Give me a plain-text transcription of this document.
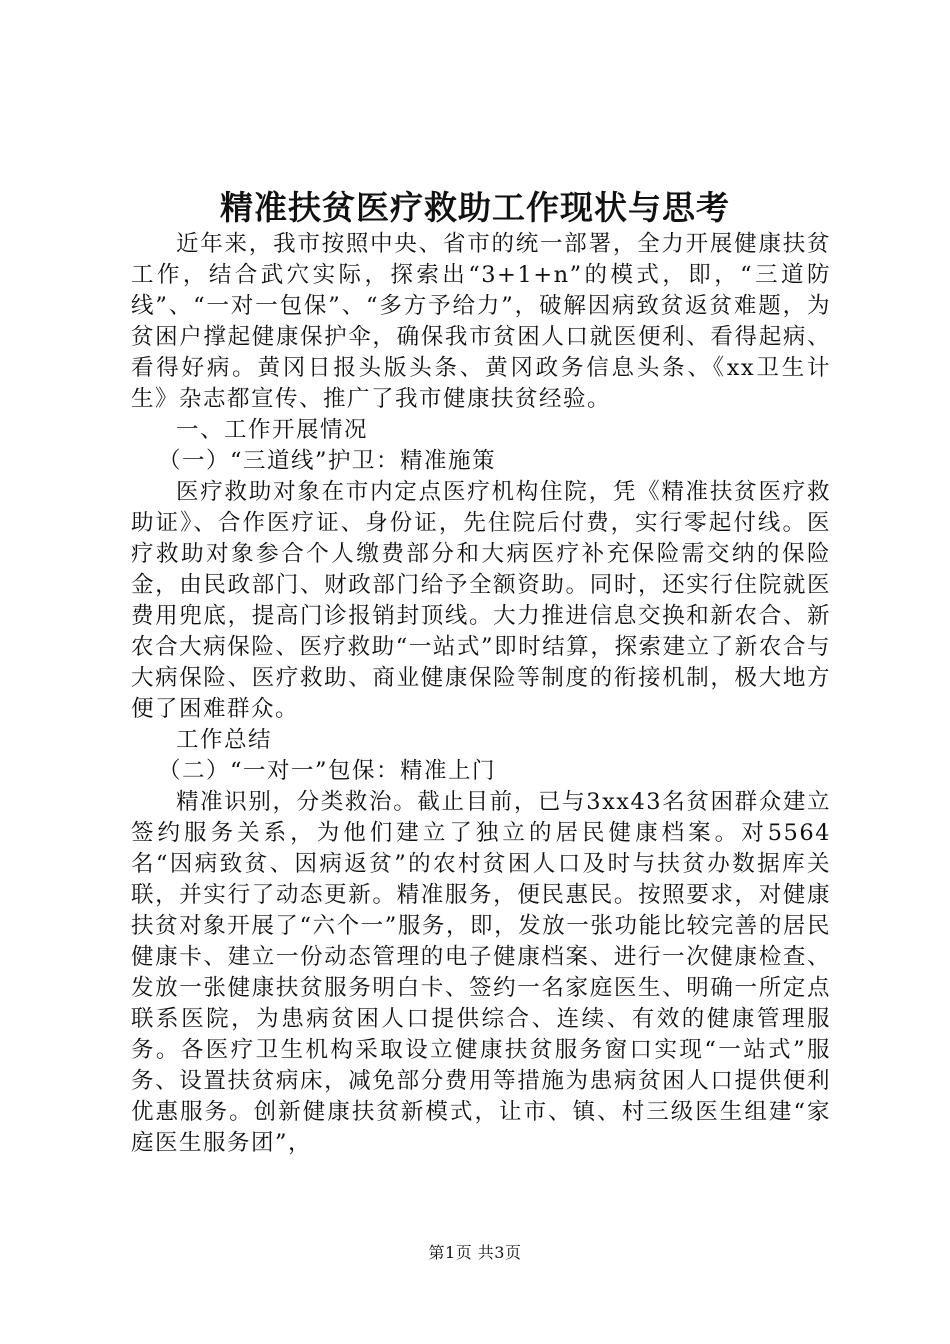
精准扶贫医疗救助工作现状与思考

近年来，我市按照中央、省市的统一部署，全力开展健康扶贫工作，结合武穴实际，探索出“3+1+n”的模式，即，“三道防线”、“一对一包保”、“多方予给力”，破解因病致贫返贫难题，为贫困户撑起健康保护伞，确保我市贫困人口就医便利、看得起病、看得好病。黄冈日报头版头条、黄冈政务信息头条、《xx卫生计生》杂志都宣传、推广了我市健康扶贫经验。

一、工作开展情况

（一）“三道线”护卫：精准施策

医疗救助对象在市内定点医疗机构住院，凭《精准扶贫医疗救助证》、合作医疗证、身份证，先住院后付费，实行零起付线。医疗救助对象参合个人缴费部分和大病医疗补充保险需交纳的保险金，由民政部门、财政部门给予全额资助。同时，还实行住院就医费用兜底，提高门诊报销封顶线。大力推进信息交换和新农合、新农合大病保险、医疗救助“一站式”即时结算，探索建立了新农合与大病保险、医疗救助、商业健康保险等制度的衔接机制，极大地方便了困难群众。

工作总结

（二）“一对一”包保：精准上门

精准识别，分类救治。截止目前，已与3xx43名贫困群众建立签约服务关系，为他们建立了独立的居民健康档案。对5564名“因病致贫、因病返贫”的农村贫困人口及时与扶贫办数据库关联，并实行了动态更新。精准服务，便民惠民。按照要求，对健康扶贫对象开展了“六个一”服务，即，发放一张功能比较完善的居民健康卡、建立一份动态管理的电子健康档案、进行一次健康检查、发放一张健康扶贫服务明白卡、签约一名家庭医生、明确一所定点联系医院，为患病贫困人口提供综合、连续、有效的健康管理服务。各医疗卫生机构采取设立健康扶贫服务窗口实现“一站式”服务、设置扶贫病床，减免部分费用等措施为患病贫困人口提供便利优惠服务。创新健康扶贫新模式，让市、镇、村三级医生组建“家庭医生服务团”，

第1页 共3页
